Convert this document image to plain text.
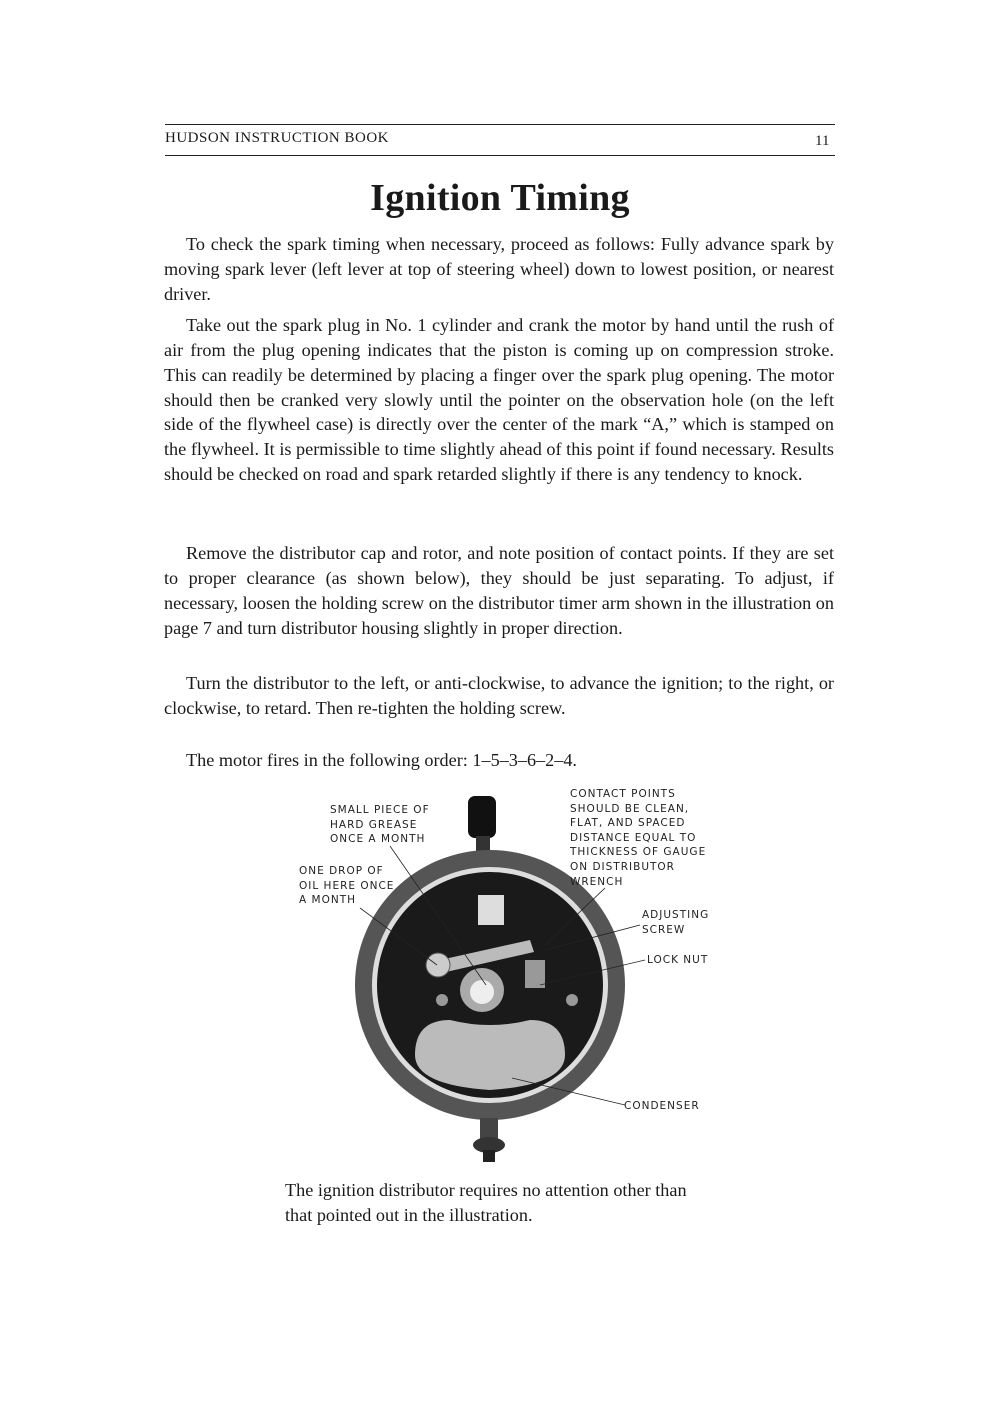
HUDSON INSTRUCTION BOOK	11
Ignition Timing

To check the spark timing when necessary, proceed as follows: Fully advance spark by moving spark lever (left lever at top of steering wheel) down to lowest position, or nearest driver.

Take out the spark plug in No. 1 cylinder and crank the motor by hand until the rush of air from the plug opening indicates that the piston is coming up on compression stroke. This can readily be determined by placing a finger over the spark plug opening. The motor should then be cranked very slowly until the pointer on the observation hole (on the left side of the flywheel case) is directly over the center of the mark “A,” which is stamped on the flywheel. It is permissible to time slightly ahead of this point if found necessary. Results should be checked on road and spark retarded slightly if there is any tendency to knock.

Remove the distributor cap and rotor, and note position of contact points. If they are set to proper clearance (as shown below), they should be just separating. To adjust, if necessary, loosen the holding screw on the distributor timer arm shown in the illustration on page 7 and turn distributor housing slightly in proper direction.

Turn the distributor to the left, or anti-clockwise, to advance the ignition; to the right, or clockwise, to retard. Then re-tighten the holding screw.

The motor fires in the following order: 1–5–3–6–2–4.

SMALL PIECE OF
HARD GREASE
ONCE A MONTH
ONE DROP OF
OIL HERE ONCE
A MONTH
CONTACT POINTS
SHOULD BE CLEAN,
FLAT, AND SPACED
DISTANCE EQUAL TO
THICKNESS OF GAUGE
ON DISTRIBUTOR
WRENCH
ADJUSTING
SCREW
LOCK NUT
CONDENSER
The ignition distributor requires no attention other than that pointed out in the illustration.
